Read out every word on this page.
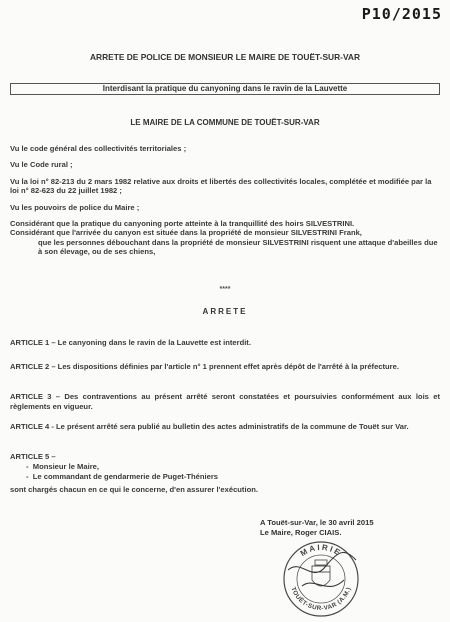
P10/2015
ARRETE DE POLICE DE MONSIEUR LE MAIRE DE TOUËT-SUR-VAR
Interdisant la pratique du canyoning dans le ravin de la Lauvette
LE MAIRE DE LA COMMUNE DE TOUËT-SUR-VAR

Vu le code général des collectivités territoriales ;

Vu le Code rural ;

Vu la loi n° 82-213 du 2 mars 1982 relative aux droits et libertés des collectivités locales, complétée et modifiée par la loi n° 82-623 du 22 juillet 1982 ;

Vu les pouvoirs de police du Maire ;

Considérant que la pratique du canyoning porte atteinte à la tranquillité des hoirs SILVESTRINI.

Considérant que l'arrivée du canyon est située dans la propriété de monsieur SILVESTRINI Frank,

que les personnes débouchant dans la propriété de monsieur SILVESTRINI risquent une attaque d'abeilles due à son élevage, ou de ses chiens,

****
ARRETE

ARTICLE 1 – Le canyoning dans le ravin de la Lauvette est interdit.

ARTICLE 2 – Les dispositions définies par l'article n° 1 prennent effet après dépôt de l'arrêté à la préfecture.

ARTICLE 3 – Des contraventions au présent arrêté seront constatées et poursuivies conformément aux lois et règlements en vigueur.

ARTICLE 4 - Le présent arrêté sera publié au bulletin des actes administratifs de la commune de Touët sur Var.

ARTICLE 5 –

-  Monsieur le Maire,

-  Le commandant de gendarmerie de Puget-Théniers

sont chargés chacun en ce qui le concerne, d'en assurer l'exécution.

A Touët-sur-Var, le 30 avril 2015
Le Maire, Roger CIAIS.
MAIRIE
TOUËT-SUR-VAR (A.M.)
